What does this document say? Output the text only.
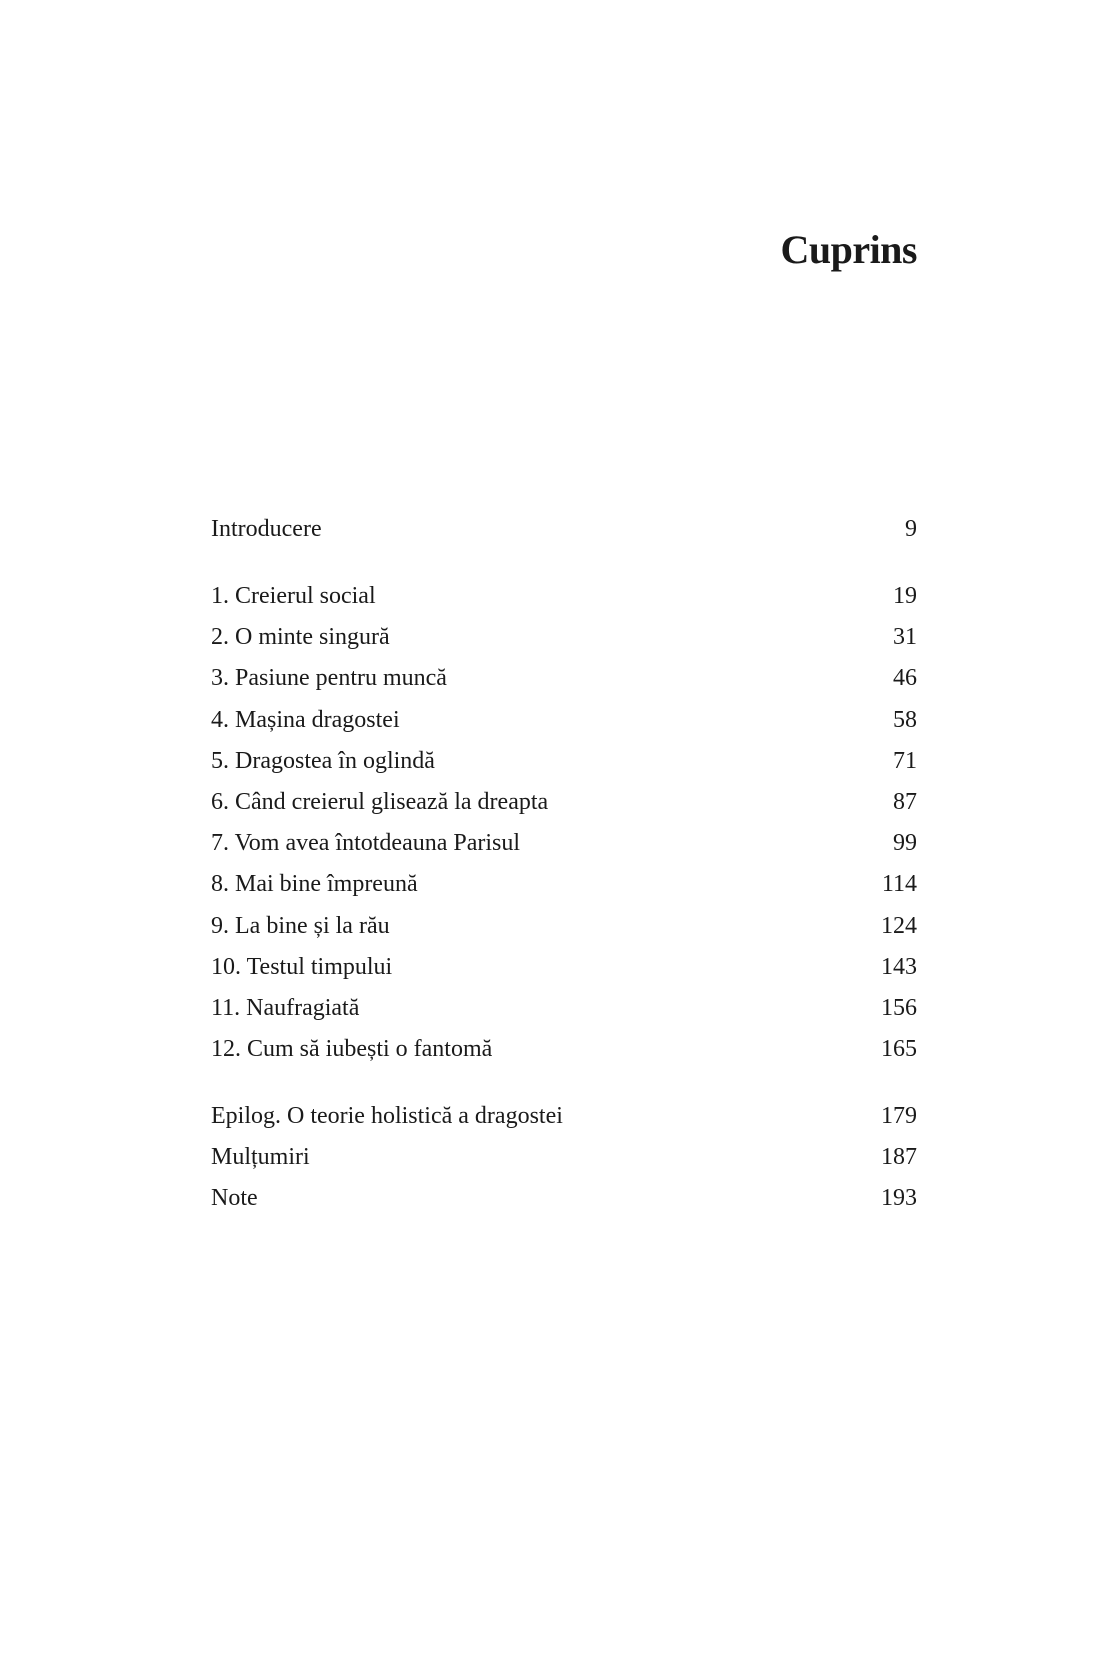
Cuprins
Introducere	9
1. Creierul social	19
2. O minte singură	31
3. Pasiune pentru muncă	46
4. Mașina dragostei	58
5. Dragostea în oglindă	71
6. Când creierul glisează la dreapta	87
7. Vom avea întotdeauna Parisul	99
8. Mai bine împreună	114
9. La bine și la rău	124
10. Testul timpului	143
11. Naufragiată	156
12. Cum să iubești o fantomă	165
Epilog. O teorie holistică a dragostei	179
Mulțumiri	187
Note	193
